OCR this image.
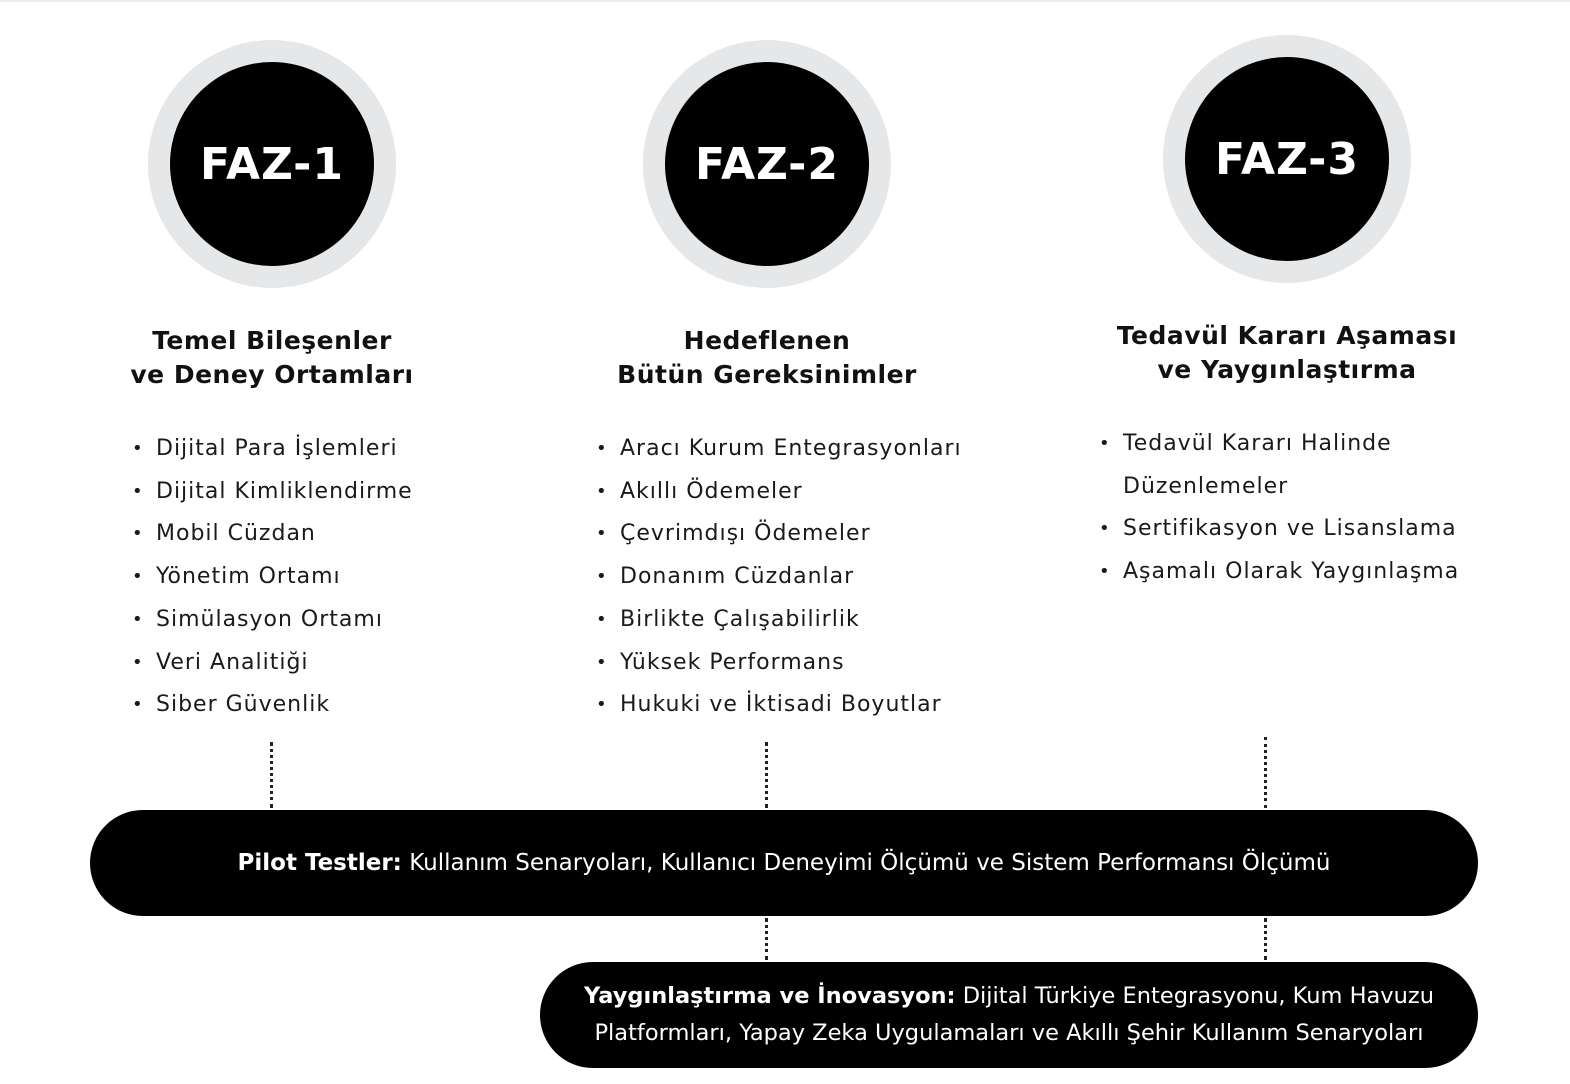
FAZ-1
Temel Bileşenler
ve Deney Ortamları
• Dijital Para İşlemleri
• Dijital Kimliklendirme
• Mobil Cüzdan
• Yönetim Ortamı
• Simülasyon Ortamı
• Veri Analitiği
• Siber Güvenlik
FAZ-2
Hedeflenen
Bütün Gereksinimler
• Aracı Kurum Entegrasyonları
• Akıllı Ödemeler
• Çevrimdışı Ödemeler
• Donanım Cüzdanlar
• Birlikte Çalışabilirlik
• Yüksek Performans
• Hukuki ve İktisadi Boyutlar
FAZ-3
Tedavül Kararı Aşaması
ve Yaygınlaştırma
• Tedavül Kararı Halinde
Düzenlemeler
• Sertifikasyon ve Lisanslama
• Aşamalı Olarak Yaygınlaşma
Pilot Testler: Kullanım Senaryoları, Kullanıcı Deneyimi Ölçümü ve Sistem Performansı Ölçümü
Yaygınlaştırma ve İnovasyon: Dijital Türkiye Entegrasyonu, Kum Havuzu
Platformları, Yapay Zeka Uygulamaları ve Akıllı Şehir Kullanım Senaryoları
